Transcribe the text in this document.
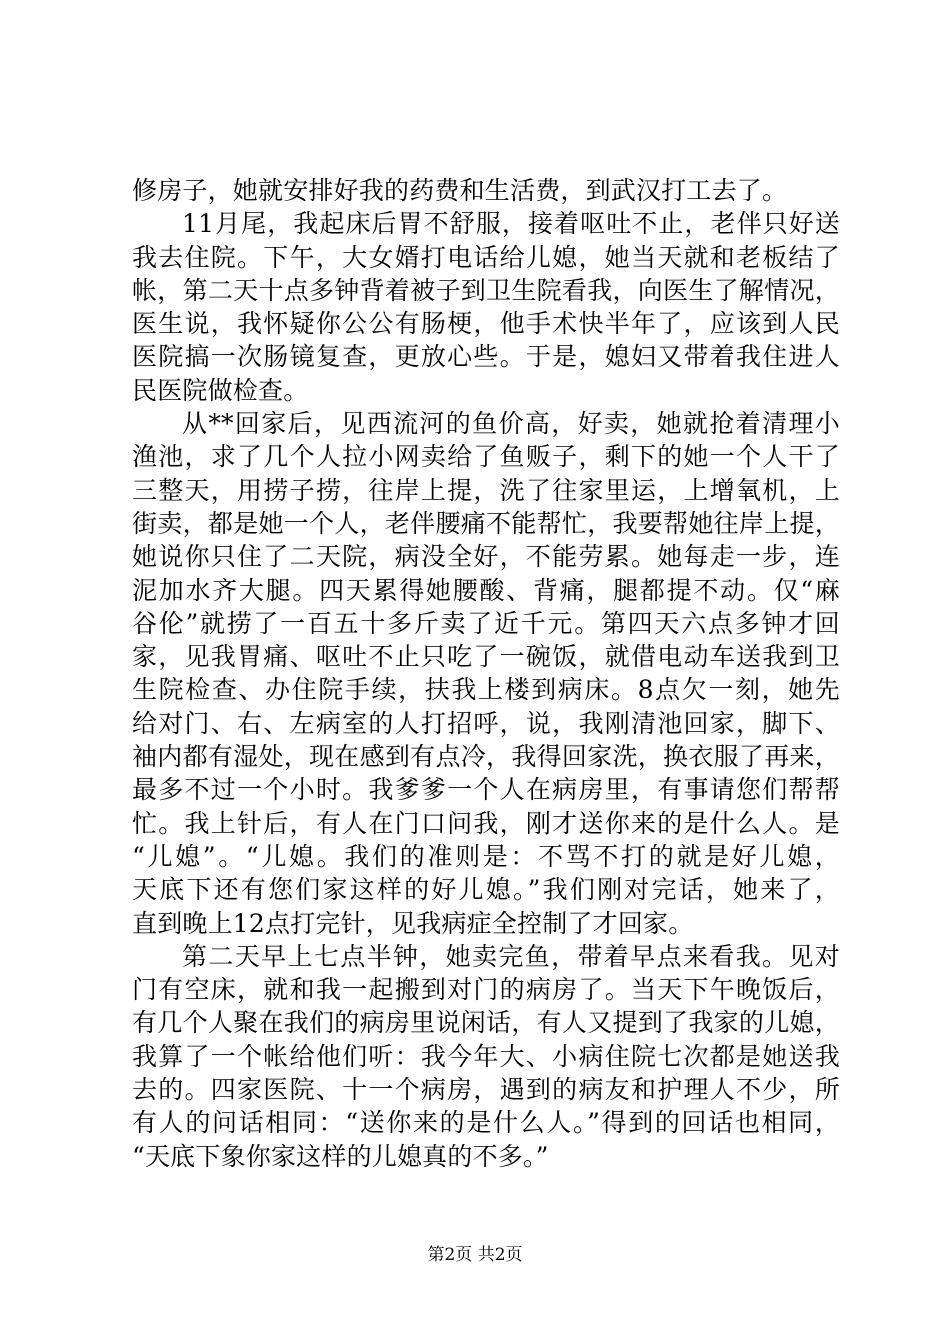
修房子，她就安排好我的药费和生活费，到武汉打工去了。
11月尾，我起床后胃不舒服，接着呕吐不止，老伴只好送
我去住院。下午，大女婿打电话给儿媳，她当天就和老板结了
帐，第二天十点多钟背着被子到卫生院看我，向医生了解情况，
医生说，我怀疑你公公有肠梗，他手术快半年了，应该到人民
医院搞一次肠镜复查，更放心些。于是，媳妇又带着我住进人
民医院做检查。
从**回家后，见西流河的鱼价高，好卖，她就抢着清理小
渔池，求了几个人拉小网卖给了鱼贩子，剩下的她一个人干了
三整天，用捞子捞，往岸上提，洗了往家里运，上增氧机，上
街卖，都是她一个人，老伴腰痛不能帮忙，我要帮她往岸上提，
她说你只住了二天院，病没全好，不能劳累。她每走一步，连
泥加水齐大腿。四天累得她腰酸、背痛，腿都提不动。仅“麻
谷伦”就捞了一百五十多斤卖了近千元。第四天六点多钟才回
家，见我胃痛、呕吐不止只吃了一碗饭，就借电动车送我到卫
生院检查、办住院手续，扶我上楼到病床。8点欠一刻，她先
给对门、右、左病室的人打招呼，说，我刚清池回家，脚下、
袖内都有湿处，现在感到有点冷，我得回家洗，换衣服了再来，
最多不过一个小时。我爹爹一个人在病房里，有事请您们帮帮
忙。我上针后，有人在门口问我，刚才送你来的是什么人。是
“儿媳”。“儿媳。我们的准则是：不骂不打的就是好儿媳，
天底下还有您们家这样的好儿媳。”我们刚对完话，她来了，
直到晚上12点打完针，见我病症全控制了才回家。
第二天早上七点半钟，她卖完鱼，带着早点来看我。见对
门有空床，就和我一起搬到对门的病房了。当天下午晚饭后，
有几个人聚在我们的病房里说闲话，有人又提到了我家的儿媳，
我算了一个帐给他们听：我今年大、小病住院七次都是她送我
去的。四家医院、十一个病房，遇到的病友和护理人不少，所
有人的问话相同：“送你来的是什么人。”得到的回话也相同，
“天底下象你家这样的儿媳真的不多。”
第2页 共2页
